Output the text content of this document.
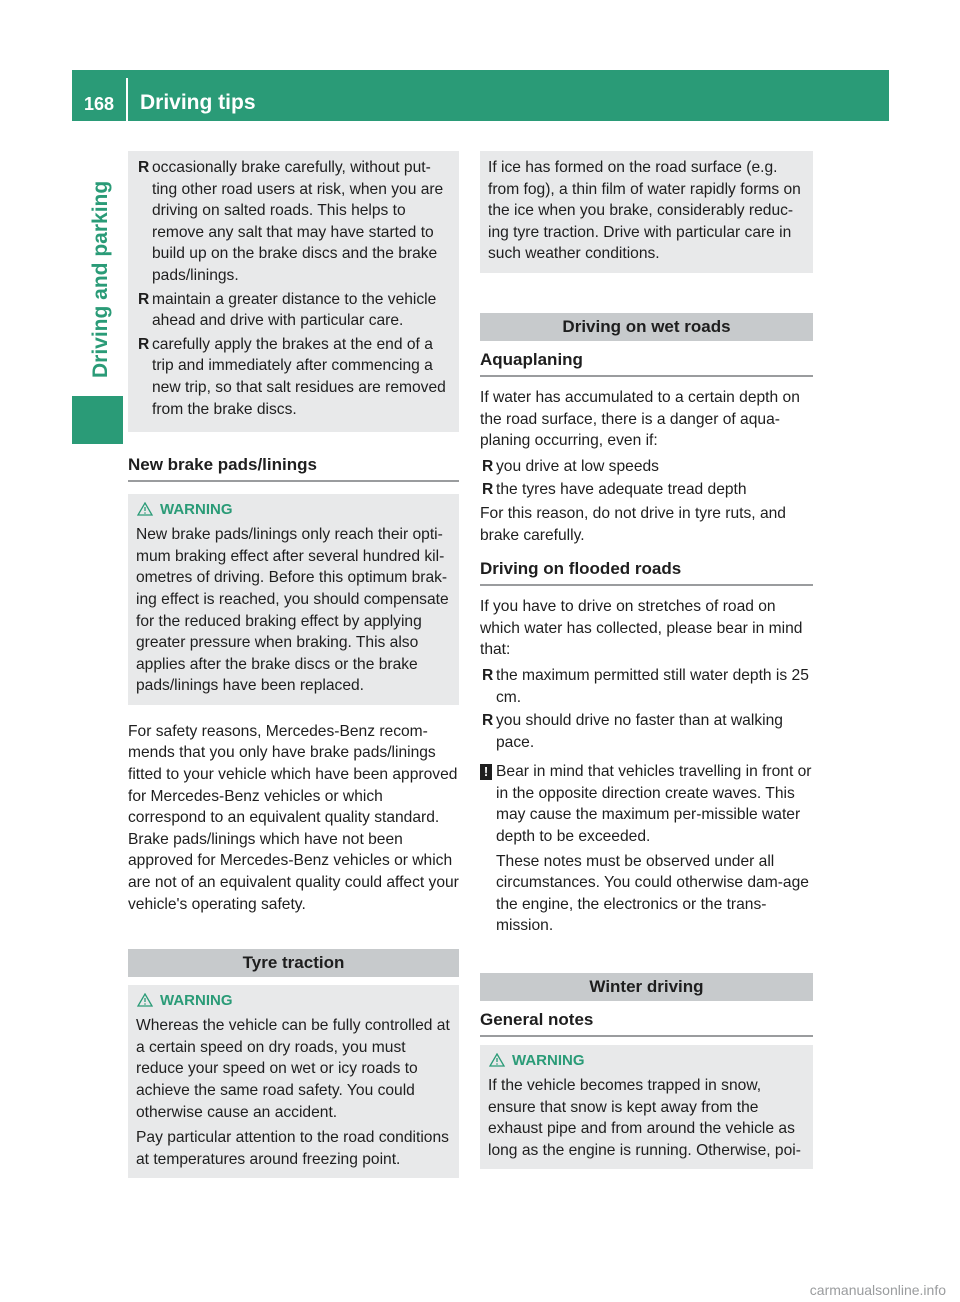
168 Driving tips
Driving and parking
R occasionally brake carefully, without put-ting other road users at risk, when you are driving on salted roads. This helps to remove any salt that may have started to build up on the brake discs and the brake pads/linings.
R maintain a greater distance to the vehicle ahead and drive with particular care.
R carefully apply the brakes at the end of a trip and immediately after commencing a new trip, so that salt residues are removed from the brake discs.
New brake pads/linings
WARNING

New brake pads/linings only reach their opti-mum braking effect after several hundred kil-ometres of driving. Before this optimum brak-ing effect is reached, you should compensate for the reduced braking effect by applying greater pressure when braking. This also applies after the brake discs or the brake pads/linings have been replaced.

For safety reasons, Mercedes-Benz recom-mends that you only have brake pads/linings fitted to your vehicle which have been approved for Mercedes-Benz vehicles or which correspond to an equivalent quality standard. Brake pads/linings which have not been approved for Mercedes-Benz vehicles or which are not of an equivalent quality could affect your vehicle's operating safety.

Tyre traction
WARNING

Whereas the vehicle can be fully controlled at a certain speed on dry roads, you must reduce your speed on wet or icy roads to achieve the same road safety. You could otherwise cause an accident.

Pay particular attention to the road conditions at temperatures around freezing point.

If ice has formed on the road surface (e.g. from fog), a thin film of water rapidly forms on the ice when you brake, considerably reduc-ing tyre traction. Drive with particular care in such weather conditions.

Driving on wet roads
Aquaplaning

If water has accumulated to a certain depth on the road surface, there is a danger of aqua-planing occurring, even if:

R you drive at low speeds
R the tyres have adequate tread depth

For this reason, do not drive in tyre ruts, and brake carefully.

Driving on flooded roads

If you have to drive on stretches of road on which water has collected, please bear in mind that:

R the maximum permitted still water depth is 25 cm.
R you should drive no faster than at walking pace.
! Bear in mind that vehicles travelling in front or in the opposite direction create waves. This may cause the maximum per-missible water depth to be exceeded.

These notes must be observed under all circumstances. You could otherwise dam-age the engine, the electronics or the trans-mission.

Winter driving
General notes
WARNING

If the vehicle becomes trapped in snow, ensure that snow is kept away from the exhaust pipe and from around the vehicle as long as the engine is running. Otherwise, poi-

carmanualsonline.info
